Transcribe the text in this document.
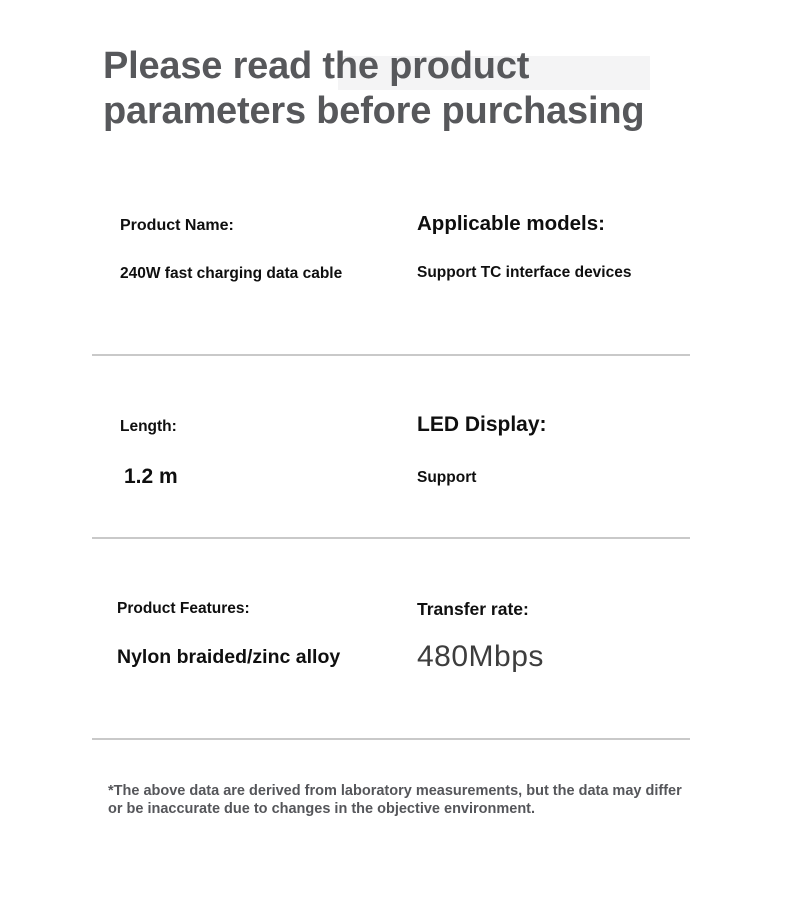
Please read the product
parameters before purchasing
Product Name:
240W fast charging data cable
Applicable models:
Support TC interface devices
Length:
1.2 m
LED Display:
Support
Product Features:
Nylon braided/zinc alloy
Transfer rate:
480Mbps

*The above data are derived from laboratory measurements, but the data may differ or be inaccurate due to changes in the objective environment.
